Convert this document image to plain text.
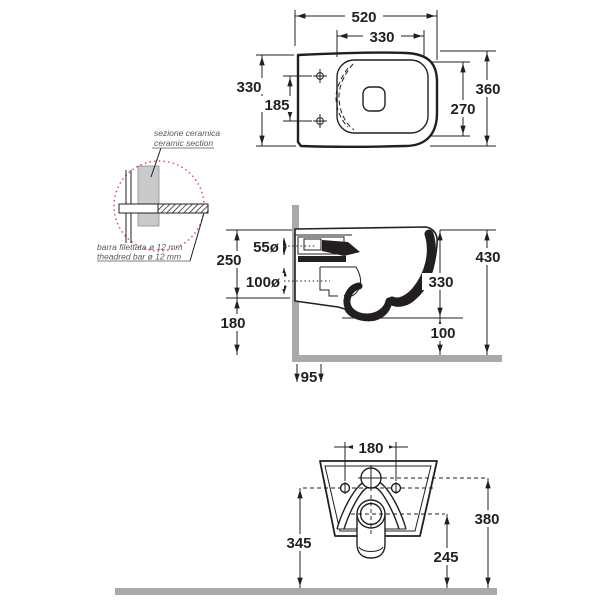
520
330
330
185
360
270
sezione ceramica
ceramic section
barra filettata ø 12 mm
theadred bar ø 12 mm
55ø
100ø
250
180
430
330
100
95
180
345
245
380
